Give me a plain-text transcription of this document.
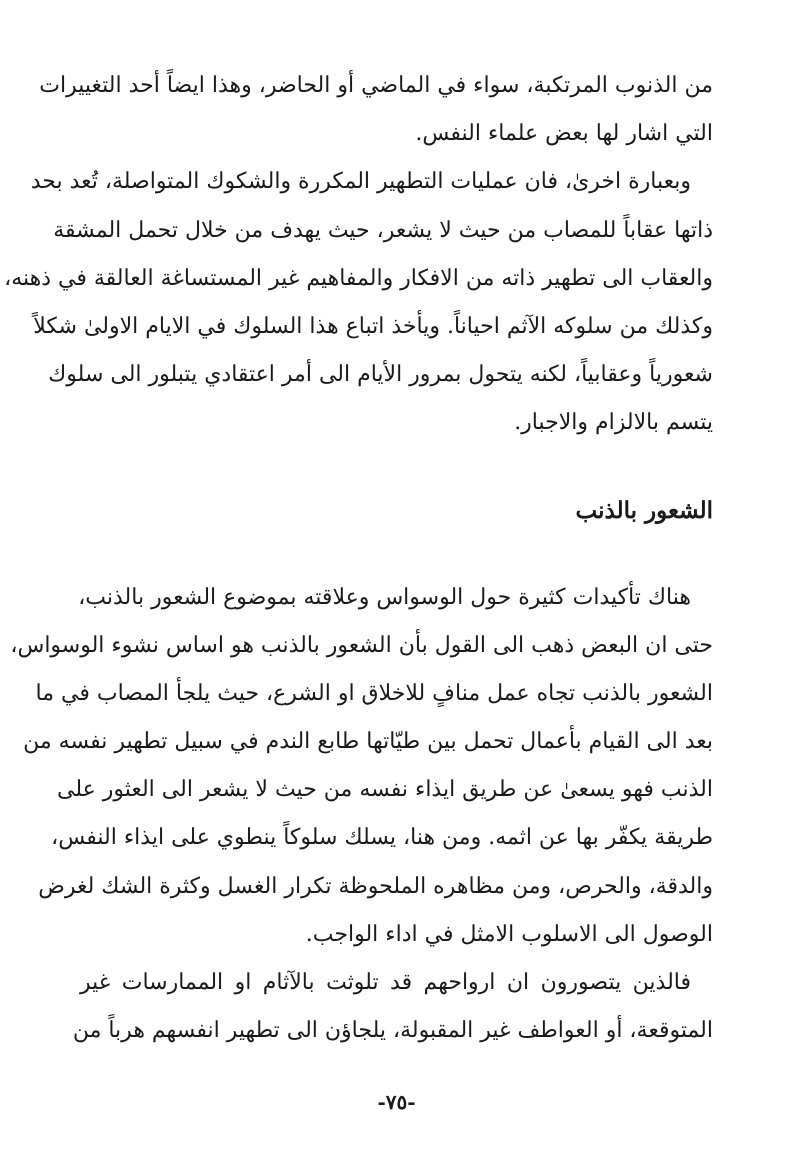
من الذنوب المرتكبة، سواء في الماضي أو الحاضر، وهذا ايضاً أحد التغييرات
التي اشار لها بعض علماء النفس.
وبعبارة اخرىٰ، فان عمليات التطهير المكررة والشكوك المتواصلة، تُعد بحد
ذاتها عقاباً للمصاب من حيث لا يشعر، حيث يهدف من خلال تحمل المشقة
والعقاب الى تطهير ذاته من الافكار والمفاهيم غير المستساغة العالقة في ذهنه،
وكذلك من سلوكه الآثم احياناً. ويأخذ اتباع هذا السلوك في الايام الاولىٰ شكلاً
شعورياً وعقابياً، لكنه يتحول بمرور الأيام الى أمر اعتقادي يتبلور الى سلوك
يتسم بالالزام والاجبار.
الشعور بالذنب
هناك تأكيدات كثيرة حول الوسواس وعلاقته بموضوع الشعور بالذنب،
حتى ان البعض ذهب الى القول بأن الشعور بالذنب هو اساس نشوء الوسواس،
الشعور بالذنب تجاه عمل منافٍ للاخلاق او الشرع، حيث يلجأ المصاب في ما
بعد الى القيام بأعمال تحمل بين طيّاتها طابع الندم في سبيل تطهير نفسه من
الذنب فهو يسعىٰ عن طريق ايذاء نفسه من حيث لا يشعر الى العثور على
طريقة يكفّر بها عن اثمه. ومن هنا، يسلك سلوكاً ينطوي على ايذاء النفس،
والدقة، والحرص، ومن مظاهره الملحوظة تكرار الغسل وكثرة الشك لغرض
الوصول الى الاسلوب الامثل في اداء الواجب.
فالذين يتصورون ان ارواحهم قد تلوثت بالآثام او الممارسات غير
المتوقعة، أو العواطف غير المقبولة، يلجاؤن الى تطهير انفسهم هرباً من
-٧٥-
